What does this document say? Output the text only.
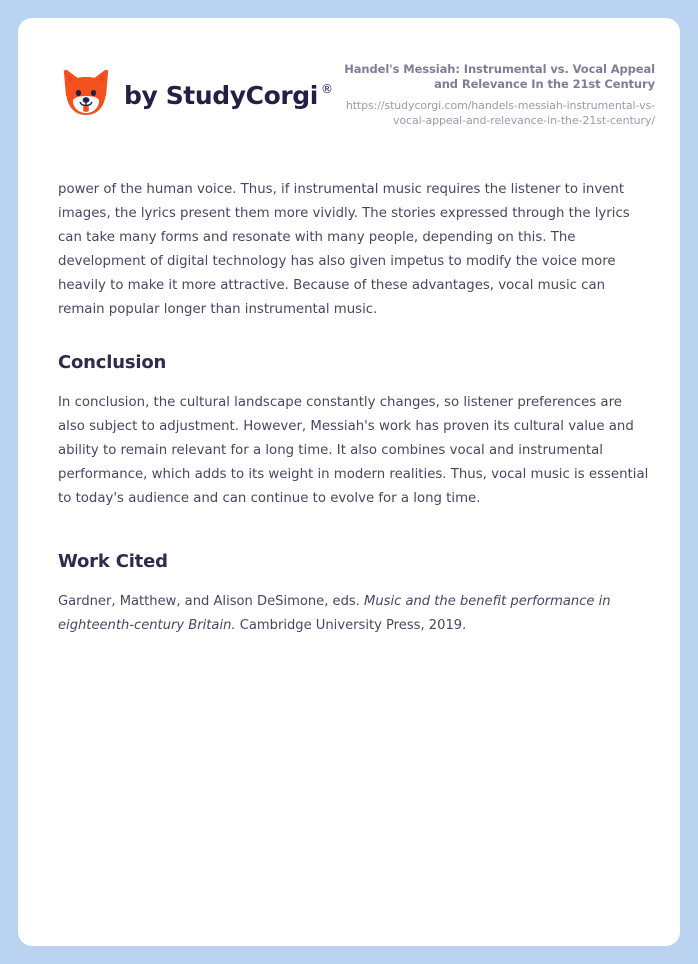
by StudyCorgi ®

Handel's Messiah: Instrumental vs. Vocal Appeal and Relevance In the 21st Century

https://studycorgi.com/handels-messiah-instrumental-vs-vocal-appeal-and-relevance-in-the-21st-century/

power of the human voice. Thus, if instrumental music requires the listener to invent images, the lyrics present them more vividly. The stories expressed through the lyrics can take many forms and resonate with many people, depending on this. The development of digital technology has also given impetus to modify the voice more heavily to make it more attractive. Because of these advantages, vocal music can remain popular longer than instrumental music.

Conclusion

In conclusion, the cultural landscape constantly changes, so listener preferences are also subject to adjustment. However, Messiah's work has proven its cultural value and ability to remain relevant for a long time. It also combines vocal and instrumental performance, which adds to its weight in modern realities. Thus, vocal music is essential to today's audience and can continue to evolve for a long time.

Work Cited

Gardner, Matthew, and Alison DeSimone, eds. Music and the benefit performance in eighteenth-century Britain. Cambridge University Press, 2019.
